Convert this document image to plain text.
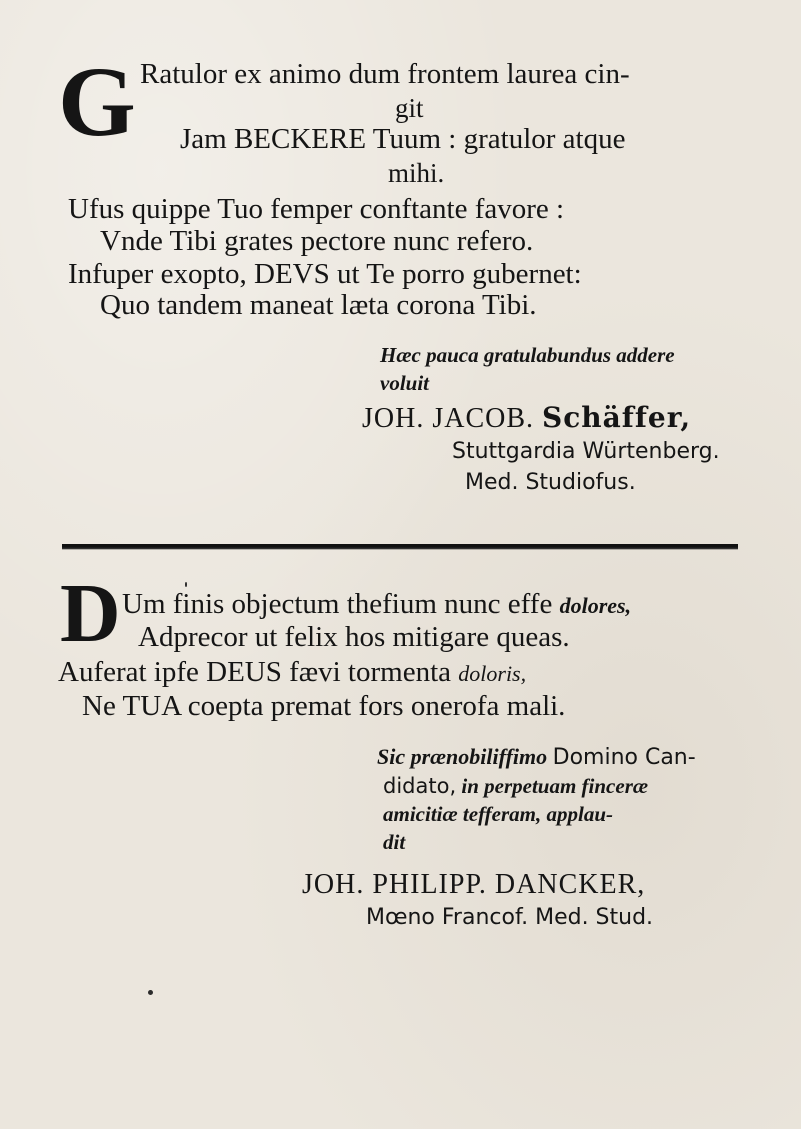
G Ratulor ex animo dum frontem laurea cin-
git
Jam BECKERE Tuum : gratulor atque
mihi.
Ufus quippe Tuo femper conftante favore :
Vnde Tibi grates pectore nunc refero.
Infuper exopto, DEVS ut Te porro gubernet:
Quo tandem maneat læta corona Tibi.
Hæc pauca gratulabundus addere
voluit
JOH. JACOB. Schäffer,
Stuttgardia Würtenberg.
Med. Studiofus.
D Um finis objectum thefium nunc effe dolores,
Adprecor ut felix hos mitigare queas.
Auferat ipfe DEUS fævi tormenta doloris,
Ne TUA coepta premat fors onerofa mali.
Sic prænobiliffimo Domino Can-
didato, in perpetuam finceræ
amicitiæ tefferam, applau-
dit
JOH. PHILIPP. DANCKER,
Mœno Francof. Med. Stud.
